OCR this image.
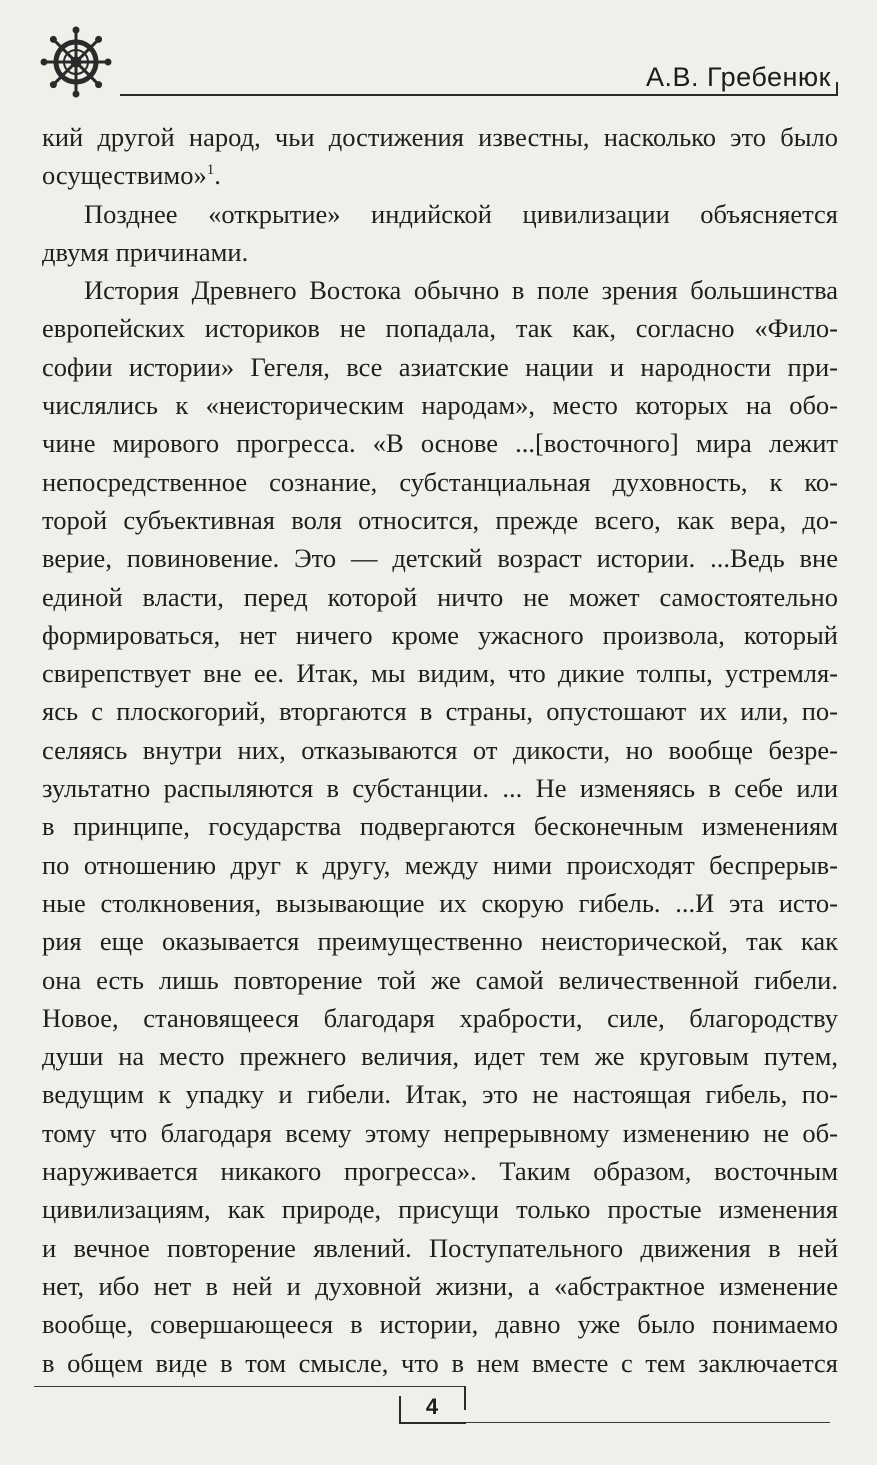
А.В. Гребенюк
кий другой народ, чьи достижения известны, насколько это было
осуществимо»$^1$.
Позднее «открытие» индийской цивилизации объясняется
двумя причинами.
История Древнего Востока обычно в поле зрения большинства
европейских историков не попадала, так как, согласно «Фило-
софии истории» Гегеля, все азиатские нации и народности при-
числялись к «неисторическим народам», место которых на обо-
чине мирового прогресса. «В основе ...[восточного] мира лежит
непосредственное сознание, субстанциальная духовность, к ко-
торой субъективная воля относится, прежде всего, как вера, до-
верие, повиновение. Это — детский возраст истории. ...Ведь вне
единой власти, перед которой ничто не может самостоятельно
формироваться, нет ничего кроме ужасного произвола, который
свирепствует вне ее. Итак, мы видим, что дикие толпы, устремля-
ясь с плоскогорий, вторгаются в страны, опустошают их или, по-
селяясь внутри них, отказываются от дикости, но вообще безре-
зультатно распыляются в субстанции. ... Не изменяясь в себе или
в принципе, государства подвергаются бесконечным изменениям
по отношению друг к другу, между ними происходят беспрерыв-
ные столкновения, вызывающие их скорую гибель. ...И эта исто-
рия еще оказывается преимущественно неисторической, так как
она есть лишь повторение той же самой величественной гибели.
Новое, становящееся благодаря храбрости, силе, благородству
души на место прежнего величия, идет тем же круговым путем,
ведущим к упадку и гибели. Итак, это не настоящая гибель, по-
тому что благодаря всему этому непрерывному изменению не об-
наруживается никакого прогресса». Таким образом, восточным
цивилизациям, как природе, присущи только простые изменения
и вечное повторение явлений. Поступательного движения в ней
нет, ибо нет в ней и духовной жизни, а «абстрактное изменение
вообще, совершающееся в истории, давно уже было понимаемо
в общем виде в том смысле, что в нем вместе с тем заключается
4
